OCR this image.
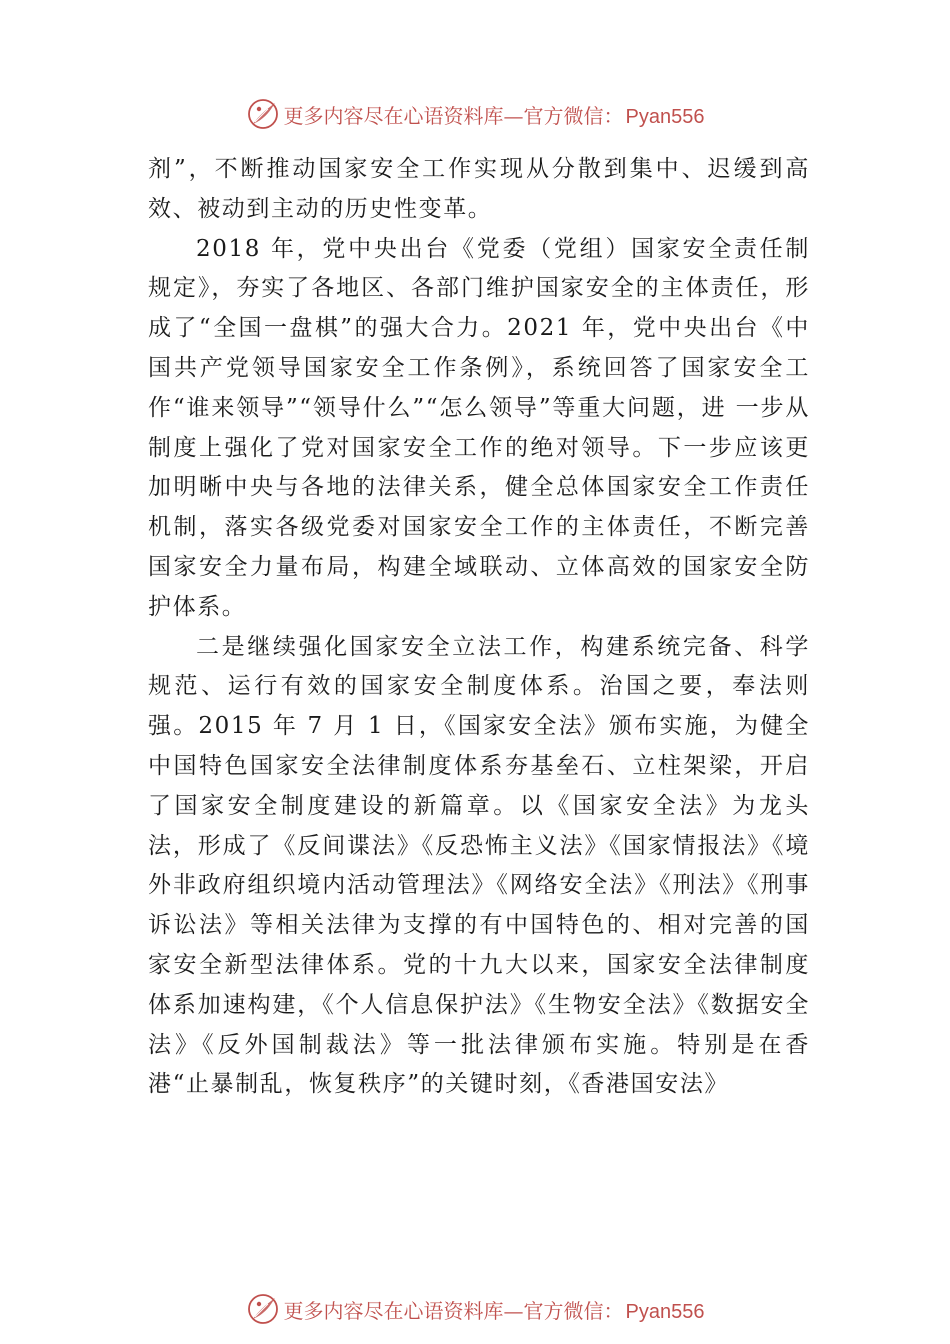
更多内容尽在心语资料库—官方微信： Pyan556

剂”，不断推动国家安全工作实现从分散到集中、迟缓到高效、被动到主动的历史性变革。

2018 年，党中央出台《党委（党组）国家安全责任制规定》，夯实了各地区、各部门维护国家安全的主体责任，形成了“全国一盘棋”的强大合力。2021 年，党中央出台《中国共产党领导国家安全工作条例》，系统回答了国家安全工作“谁来领导”“领导什么”“怎么领导”等重大问题，进 一步从制度上强化了党对国家安全工作的绝对领导。下一步应该更加明晰中央与各地的法律关系，健全总体国家安全工作责任机制，落实各级党委对国家安全工作的主体责任，不断完善国家安全力量布局，构建全域联动、立体高效的国家安全防护体系。

二是继续强化国家安全立法工作，构建系统完备、科学规范、运行有效的国家安全制度体系。治国之要，奉法则强。2015 年 7 月 1 日，《国家安全法》颁布实施，为健全中国特色国家安全法律制度体系夯基垒石、立柱架梁，开启了国家安全制度建设的新篇章。以《国家安全法》为龙头法，形成了《反间谍法》《反恐怖主义法》《国家情报法》《境外非政府组织境内活动管理法》《网络安全法》《刑法》《刑事诉讼法》等相关法律为支撑的有中国特色的、相对完善的国家安全新型法律体系。党的十九大以来，国家安全法律制度体系加速构建，《个人信息保护法》《生物安全法》《数据安全法》《反外国制裁法》等一批法律颁布实施。特别是在香港“止暴制乱，恢复秩序”的关键时刻，《香港国安法》

更多内容尽在心语资料库—官方微信： Pyan556
